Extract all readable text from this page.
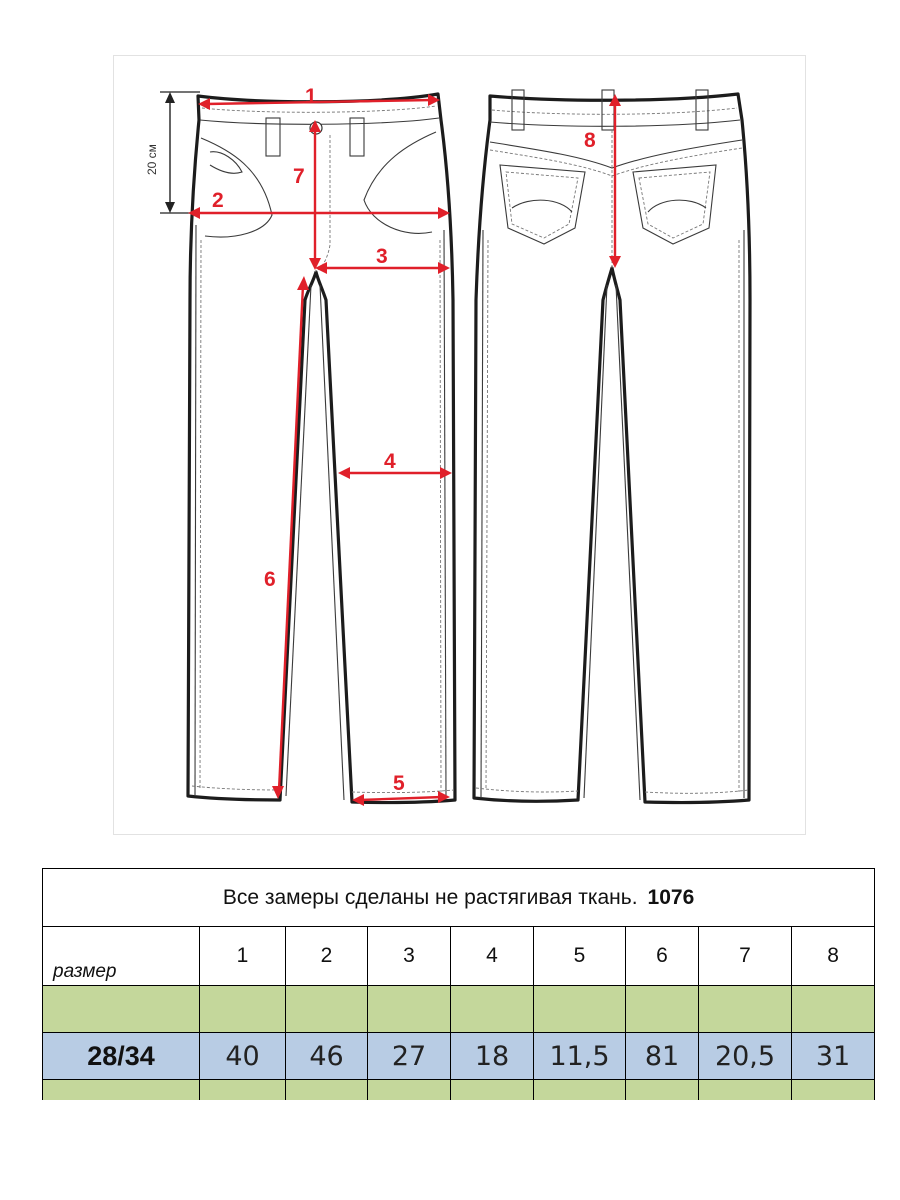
20 см
1
2
3
4
5
6
7
8
Все замеры сделаны не растягивая ткань. 1076								

размер	1	2	3	4	5	6	7	8

28/34	40	46	27	18	11,5	81	20,5	31
